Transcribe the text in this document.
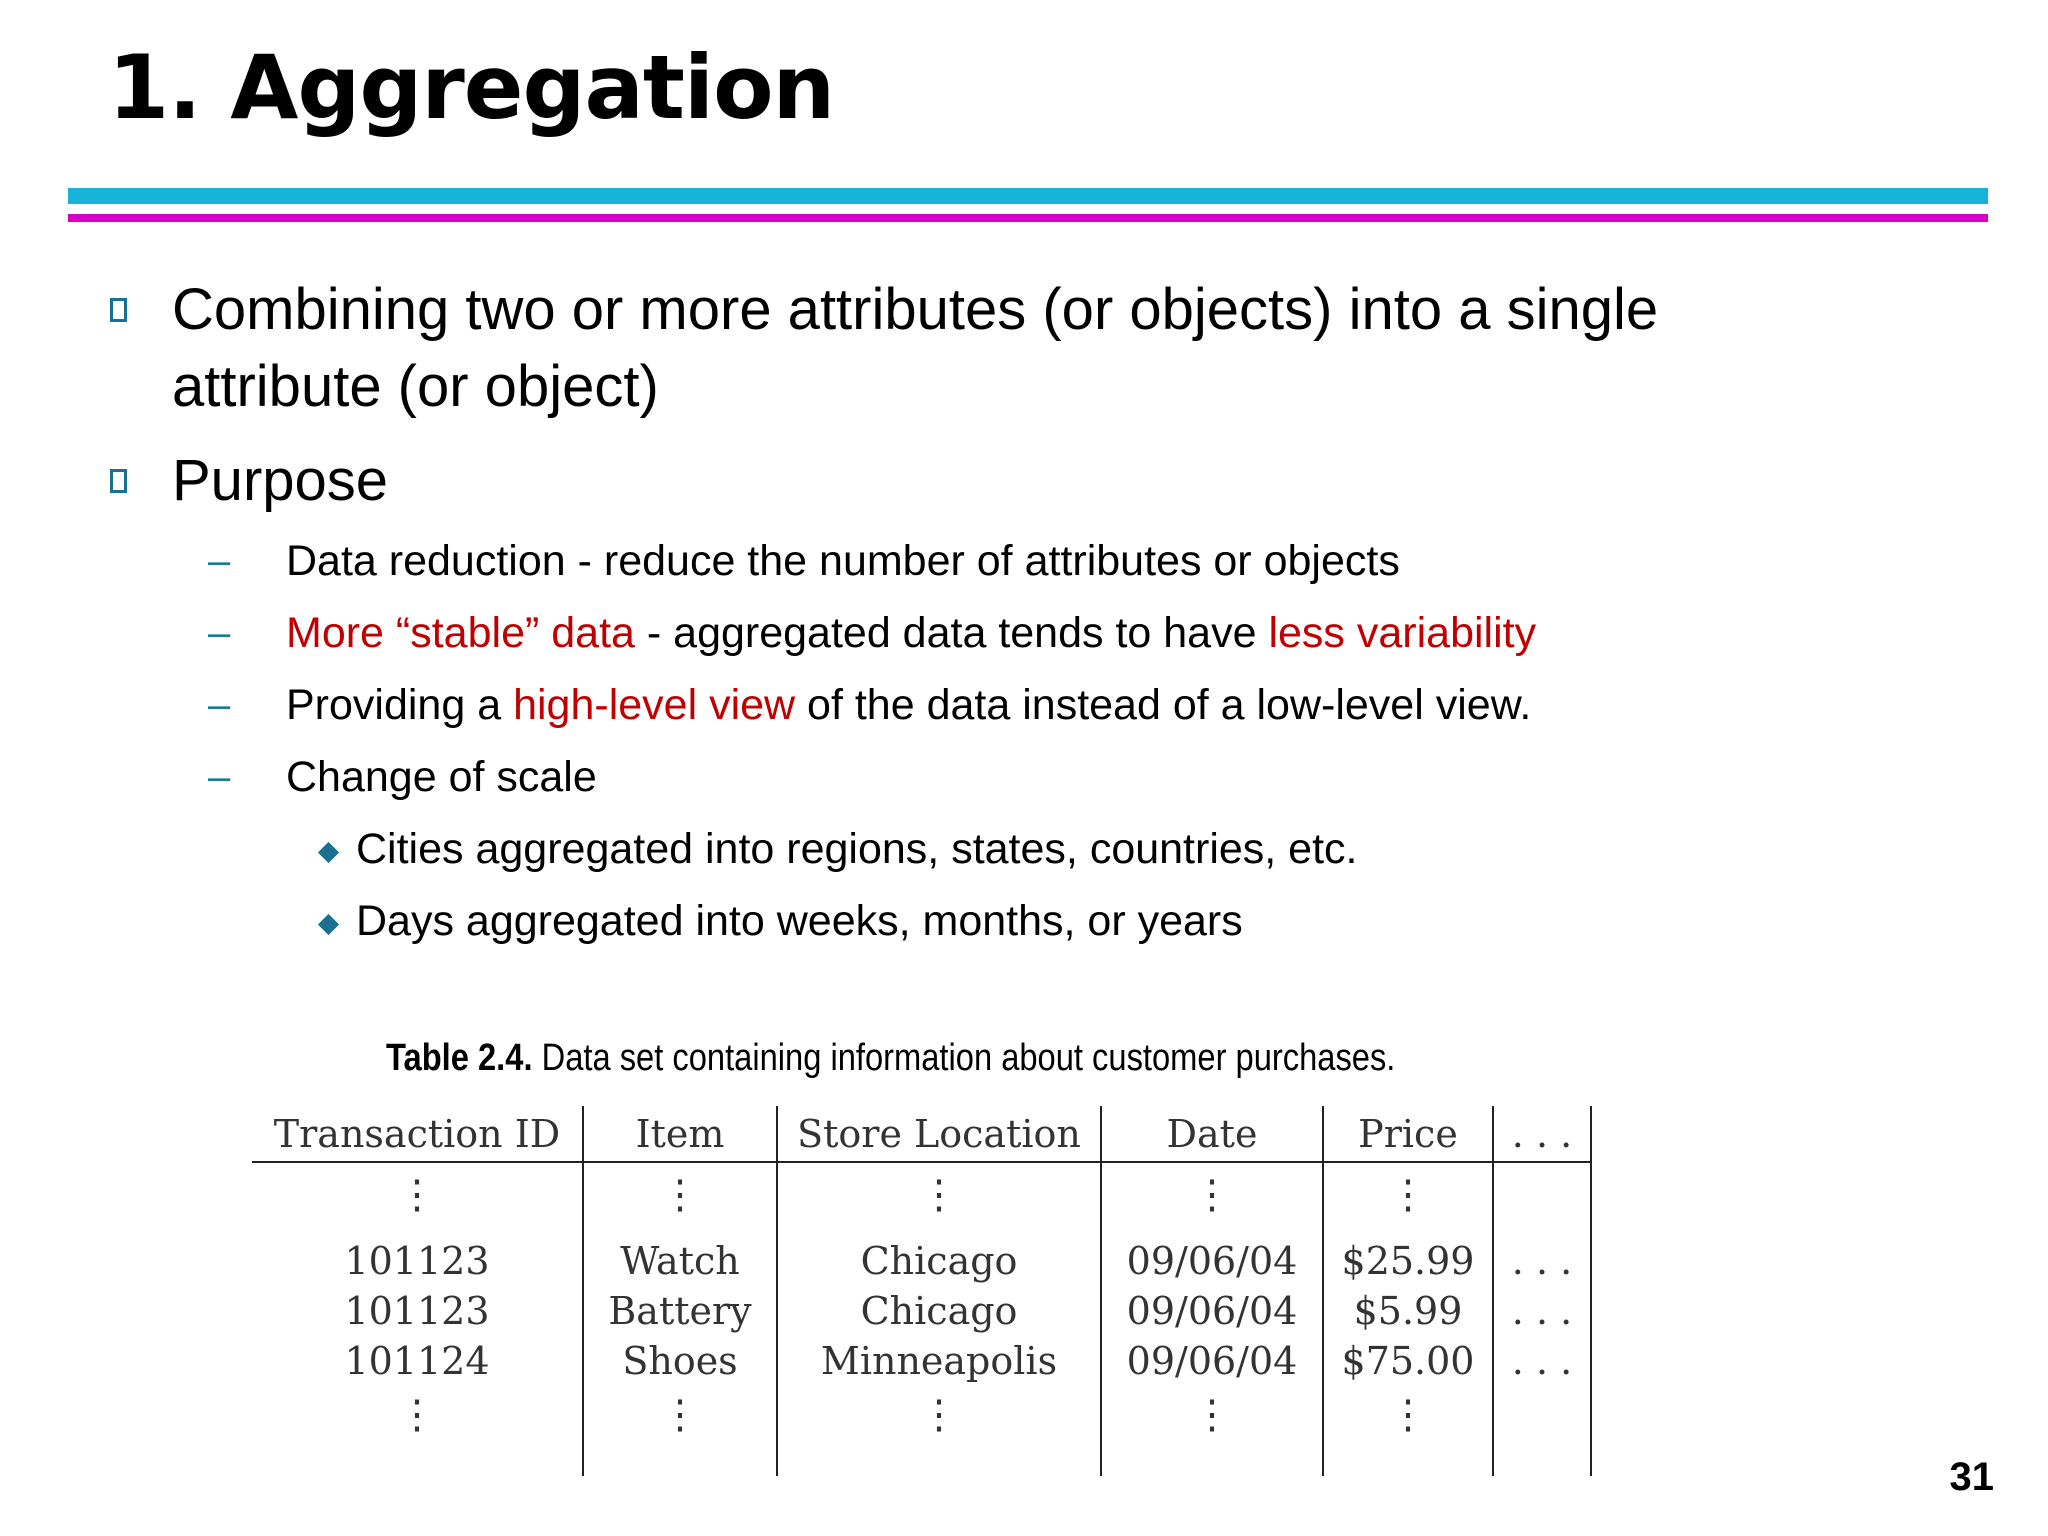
1. Aggregation
Combining two or more attributes (or objects) into a single
attribute (or object)
Purpose
– Data reduction - reduce the number of attributes or objects
– More “stable” data - aggregated data tends to have less variability
– Providing a high-level view of the data instead of a low-level view.
– Change of scale
Cities aggregated into regions, states, countries, etc.
Days aggregated into weeks, months, or years
Table 2.4. Data set containing information about customer purchases.
Transaction ID	Item	Store Location	Date	Price	. . .
⋮	⋮	⋮	⋮	⋮
101123	Watch	Chicago	09/06/04	$25.99 . . .
101123	Battery	Chicago	09/06/04	$5.99	. . .
101124	Shoes	Minneapolis	09/06/04	$75.00 . . .
⋮	⋮	⋮	⋮	⋮
31
